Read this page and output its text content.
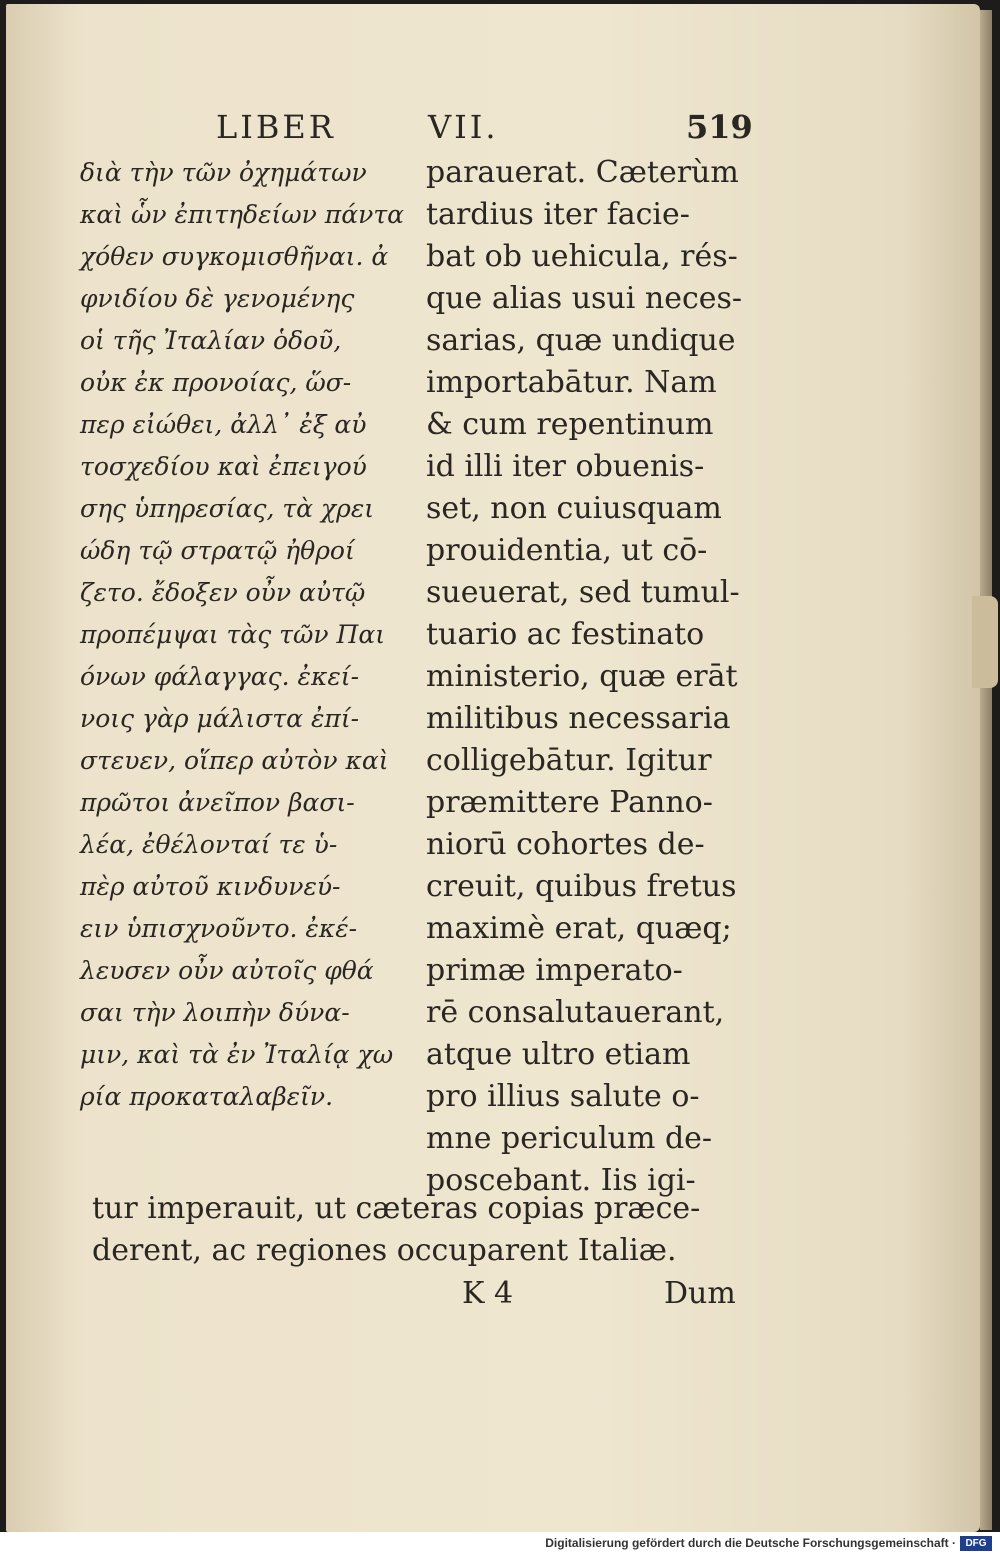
LIBER	VII.	519
διὰ τὴν τῶν ὀχημάτων
καὶ ὧν ἐπιτηδείων πάντα
χόθεν συγκομισθῆναι. ἀ
φνιδίου δὲ γενομένης
οἱ τῆς Ἰταλίαν ὁδοῦ,
οὐκ ἐκ προνοίας, ὥσ-
περ εἰώθει, ἀλλ᾽ ἐξ αὐ
τοσχεδίου καὶ ἐπειγού
σης ὑπηρεσίας, τὰ χρει
ώδη τῷ στρατῷ ἠθροί
ζετο. ἔδοξεν οὖν αὐτῷ
προπέμψαι τὰς τῶν Παι
όνων φάλαγγας. ἐκεί-
νοις γὰρ μάλιστα ἐπί-
στευεν, οἵπερ αὐτὸν καὶ
πρῶτοι ἀνεῖπον βασι-
λέα, ἐθέλονταί τε ὑ-
πὲρ αὐτοῦ κινδυνεύ-
ειν ὑπισχνοῦντο. ἐκέ-
λευσεν οὖν αὐτοῖς φθά
σαι τὴν λοιπὴν δύνα-
μιν, καὶ τὰ ἐν Ἰταλίᾳ χω
ρία προκαταλαβεῖν.
parauerat. Cæterùm
tardius iter facie-
bat ob uehicula, rés-
que alias usui neces-
sarias, quæ undique
importabātur. Nam
& cum repentinum
id illi iter obuenis-
set, non cuiusquam
prouidentia, ut cō-
sueuerat, sed tumul-
tuario ac festinato
ministerio, quæ erāt
militibus necessaria
colligebātur. Igitur
præmittere Panno-
niorū cohortes de-
creuit, quibus fretus
maximè erat, quæq;
primæ imperato-
rē consalutauerant,
atque ultro etiam
pro illius salute o-
mne periculum de-
poscebant. Iis igi-
tur imperauit, ut cæteras copias præce-
derent, ac regiones occuparent Italiæ.
K 4	Dum
Digitalisierung gefördert durch die Deutsche Forschungsgemeinschaft · DFG
